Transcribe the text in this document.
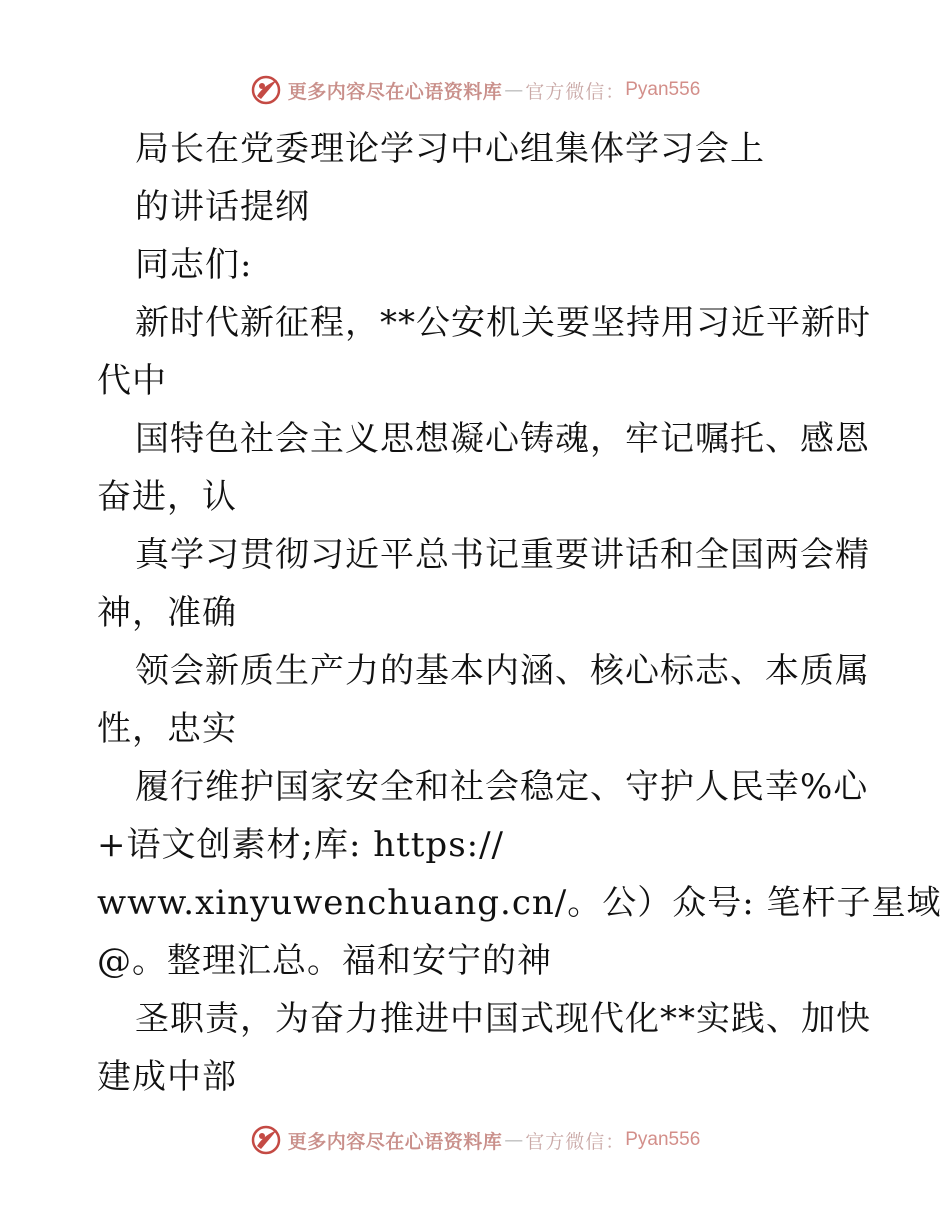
更多内容尽在心语资料库 — 官方微信： Pyan556
局长在党委理论学习中心组集体学习会上
的讲话提纲
同志们:
新时代新征程，**公安机关要坚持用习近平新时
代中
国特色社会主义思想凝心铸魂，牢记嘱托、感恩
奋进，认
真学习贯彻习近平总书记重要讲话和全国两会精
神，准确
领会新质生产力的基本内涵、核心标志、本质属
性，忠实
履行维护国家安全和社会稳定、守护人民幸%心
+语文创素材;库: https://
www.xinyuwenchuang.cn/。公）众号: 笔杆子星域
@。整理汇总。福和安宁的神
圣职责，为奋力推进中国式现代化**实践、加快
建成中部
更多内容尽在心语资料库 — 官方微信： Pyan556
